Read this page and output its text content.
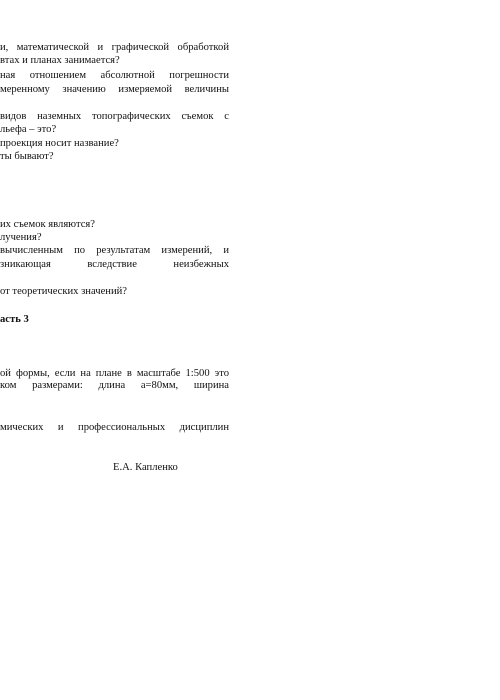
и, математической и графической обработкой
втах и планах занимается?
ная отношением абсолютной погрешности
меренному значению измеряемой величины
видов наземных топографических съемок с
льефа – это?
проекция носит название?
ты бывают?
их съемок являются?
лучения?
вычисленным по результатам измерений, и
зникающая вследствие неизбежных
от теоретических значений?
асть 3
ой формы, если на плане в масштабе 1:500 это
ком размерами: длина а=80мм, ширина
мических и профессиональных дисциплин
Е.А. Капленко
